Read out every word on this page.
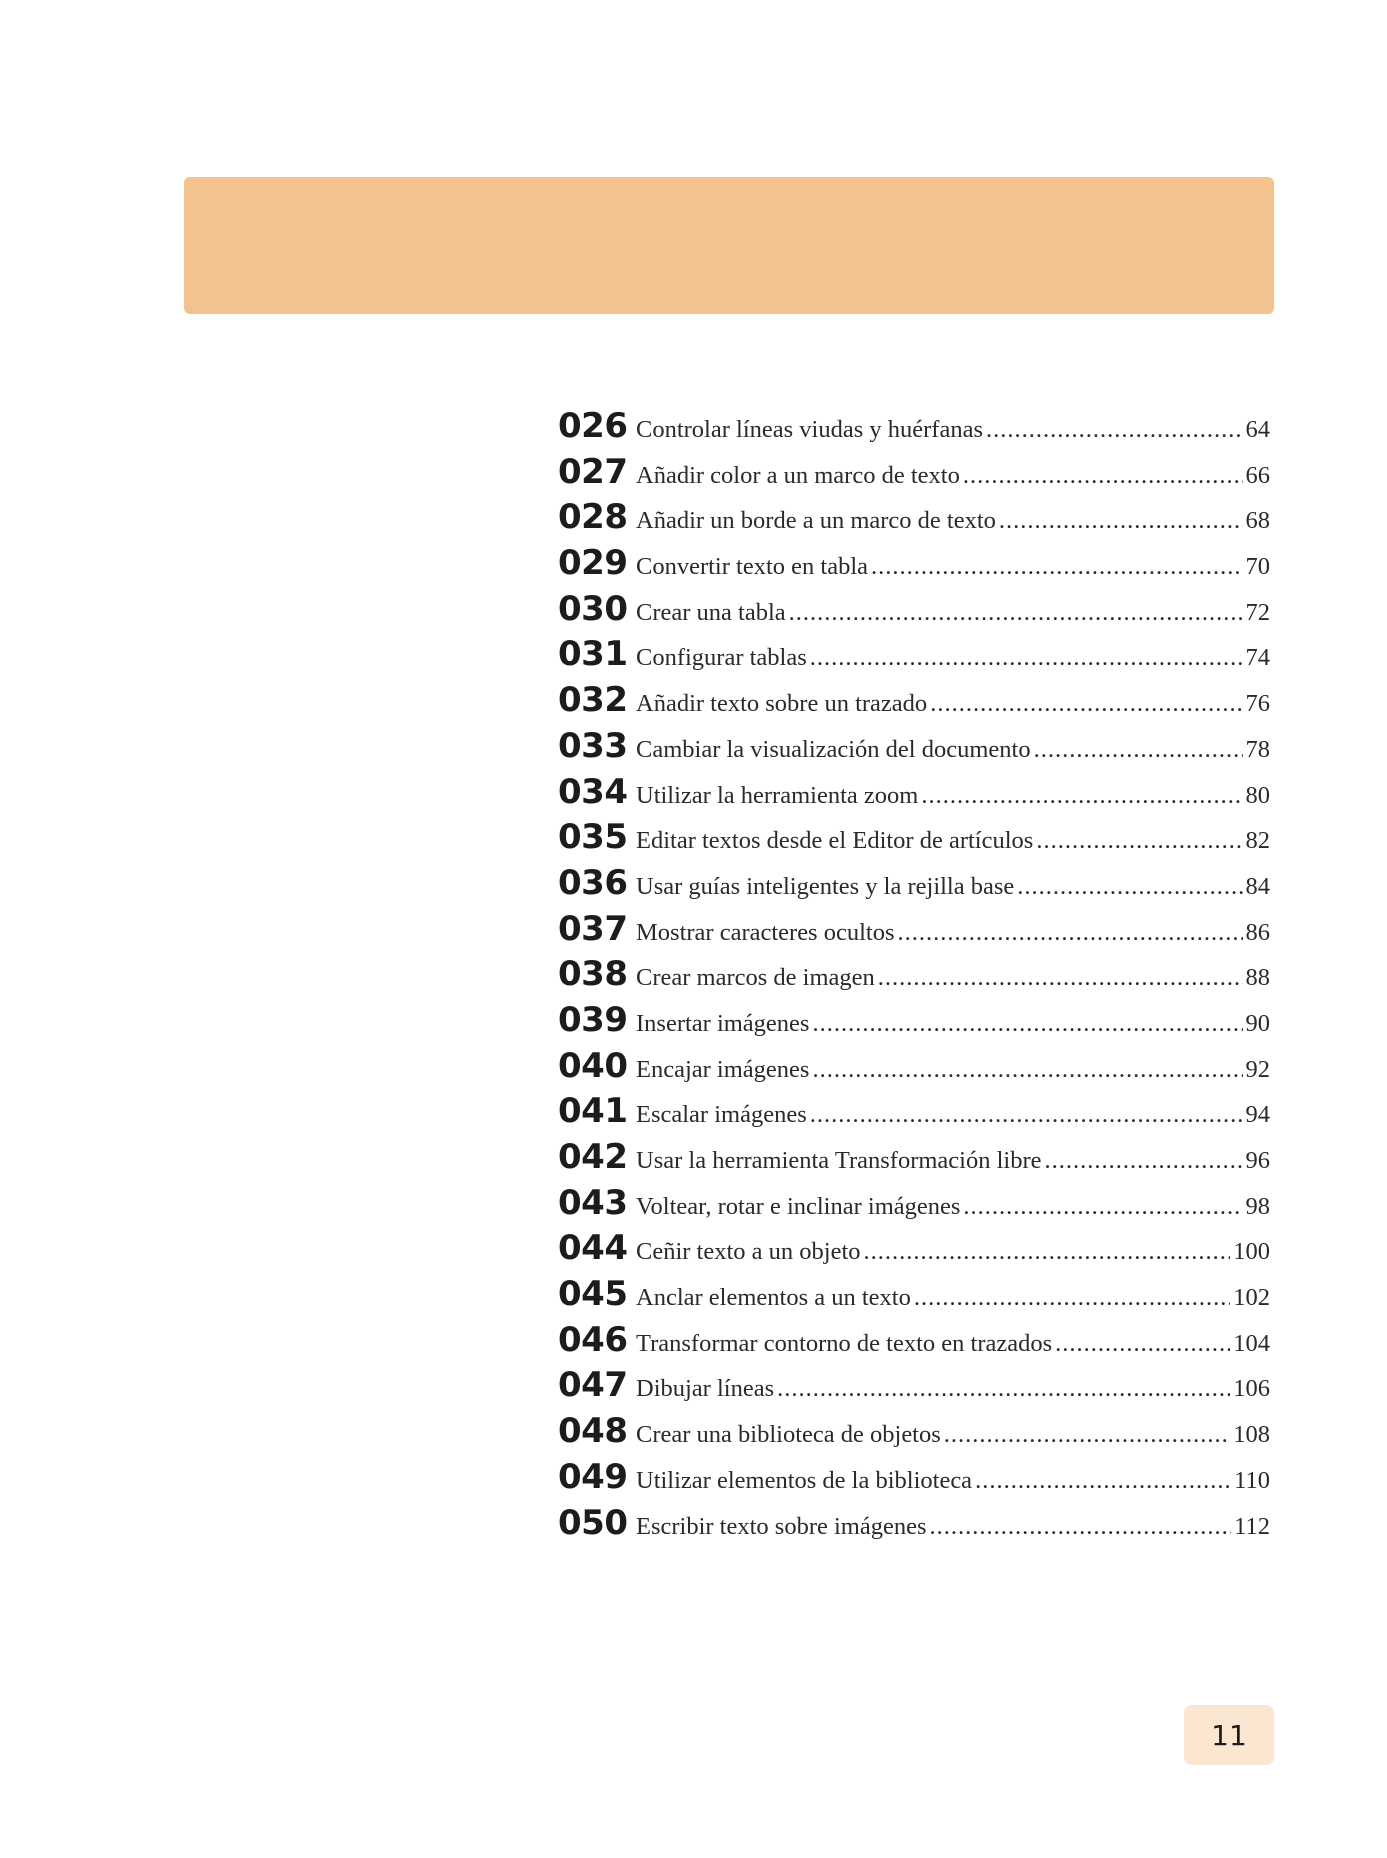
026 Controlar líneas viudas y huérfanas .....	64
027 Añadir color a un marco de texto .....	66
028 Añadir un borde a un marco de texto .....	68
029 Convertir texto en tabla .....	70
030 Crear una tabla .....	72
031 Configurar tablas .....	74
032 Añadir texto sobre un trazado .....	76
033 Cambiar la visualización del documento .....	78
034 Utilizar la herramienta zoom .....	80
035 Editar textos desde el Editor de artículos .....	82
036 Usar guías inteligentes y la rejilla base .....	84
037 Mostrar caracteres ocultos .....	86
038 Crear marcos de imagen .....	88
039 Insertar imágenes .....	90
040 Encajar imágenes .....	92
041 Escalar imágenes .....	94
042 Usar la herramienta Transformación libre .....	96
043 Voltear, rotar e inclinar imágenes .....	98
044 Ceñir texto a un objeto .....	100
045 Anclar elementos a un texto .....	102
046 Transformar contorno de texto en trazados .....	104
047 Dibujar líneas .....	106
048 Crear una biblioteca de objetos .....	108
049 Utilizar elementos de la biblioteca .....	110
050 Escribir texto sobre imágenes .....	112
11
